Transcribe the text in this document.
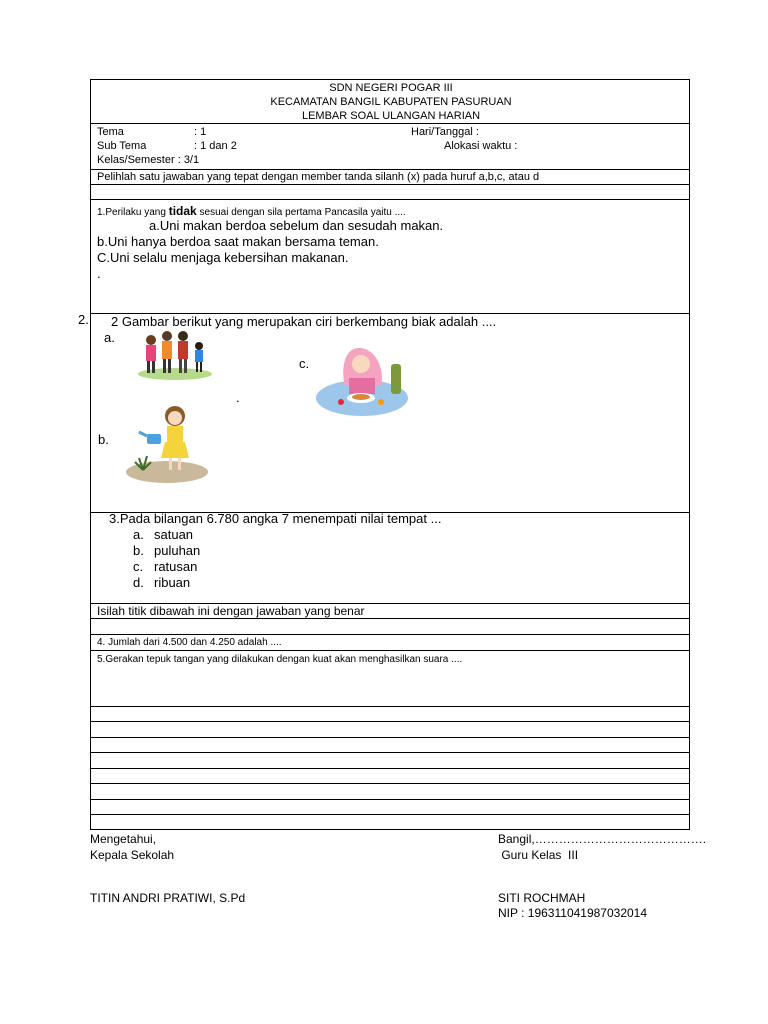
SDN NEGERI POGAR III
KECAMATAN BANGIL KABUPATEN PASURUAN
LEMBAR SOAL ULANGAN HARIAN
Tema	: 1	Hari/Tanggal :
Sub Tema	: 1 dan 2	Alokasi waktu :
Kelas/Semester : 3/1
Pelihlah satu jawaban yang tepat dengan member tanda silanh (x) pada huruf a,b,c, atau d
1.Perilaku yang tidak sesuai dengan sila pertama Pancasila yaitu ....
a.Uni makan berdoa sebelum dan sesudah makan.
b.Uni hanya berdoa saat makan bersama teman.
C.Uni selalu menjaga kebersihan makanan.
.
2 Gambar berikut yang merupakan ciri berkembang biak adalah ....
a.
c.
.
b.
2.
3.Pada bilangan 6.780 angka 7 menempati nilai tempat ...
a. satuan
b. puluhan
c. ratusan
d. ribuan
Isilah titik dibawah ini dengan jawaban yang benar
4. Jumlah dari 4.500 dan 4.250 adalah ....
5.Gerakan tepuk tangan yang dilakukan dengan kuat akan menghasilkan suara ....
Mengetahui,
Kepala Sekolah
TITIN ANDRI PRATIWI, S.Pd
Bangil,…………………………………….
Guru Kelas  III
SITI ROCHMAH
NIP : 196311041987032014
